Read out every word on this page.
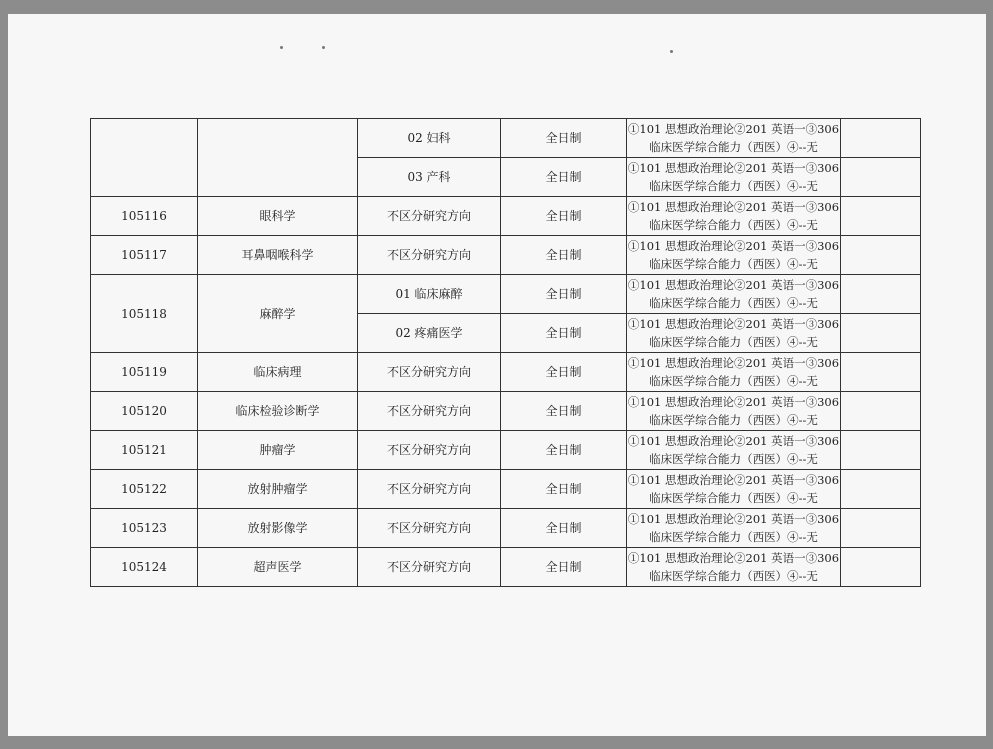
		02 妇科	全日制	①101 思想政治理论②201 英语一③306
临床医学综合能力（西医）④--无	

		03 产科	全日制	①101 思想政治理论②201 英语一③306
临床医学综合能力（西医）④--无	

105116	眼科学	不区分研究方向	全日制	①101 思想政治理论②201 英语一③306
临床医学综合能力（西医）④--无	

105117	耳鼻咽喉科学	不区分研究方向	全日制	①101 思想政治理论②201 英语一③306
临床医学综合能力（西医）④--无	

105118	麻醉学	01 临床麻醉	全日制	①101 思想政治理论②201 英语一③306
临床医学综合能力（西医）④--无	

		02 疼痛医学	全日制	①101 思想政治理论②201 英语一③306
临床医学综合能力（西医）④--无	

105119	临床病理	不区分研究方向	全日制	①101 思想政治理论②201 英语一③306
临床医学综合能力（西医）④--无	

105120	临床检验诊断学	不区分研究方向	全日制	①101 思想政治理论②201 英语一③306
临床医学综合能力（西医）④--无	

105121	肿瘤学	不区分研究方向	全日制	①101 思想政治理论②201 英语一③306
临床医学综合能力（西医）④--无	

105122	放射肿瘤学	不区分研究方向	全日制	①101 思想政治理论②201 英语一③306
临床医学综合能力（西医）④--无	

105123	放射影像学	不区分研究方向	全日制	①101 思想政治理论②201 英语一③306
临床医学综合能力（西医）④--无	

105124	超声医学	不区分研究方向	全日制	①101 思想政治理论②201 英语一③306
临床医学综合能力（西医）④--无	
